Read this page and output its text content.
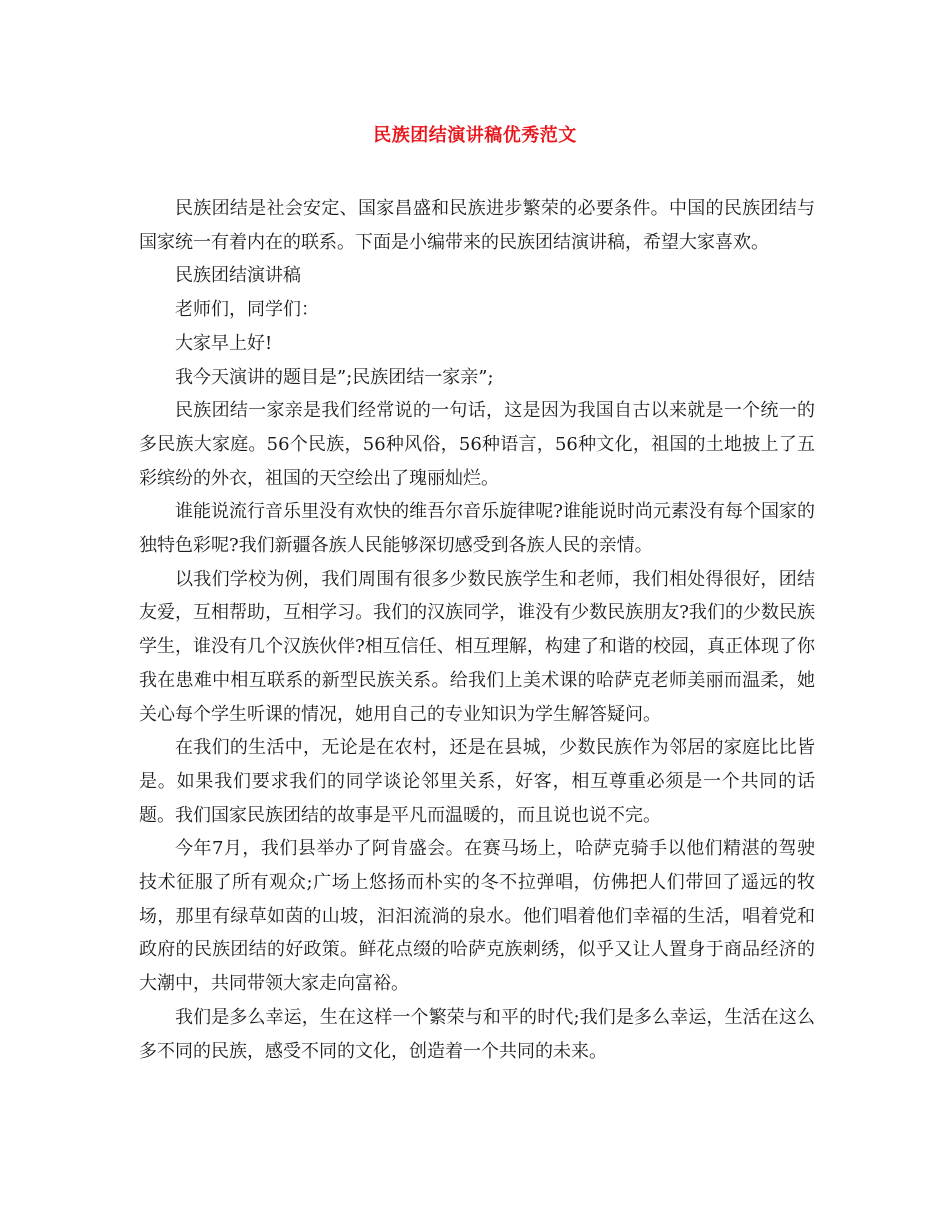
民族团结演讲稿优秀范文

民族团结是社会安定、国家昌盛和民族进步繁荣的必要条件。中国的民族团结与国家统一有着内在的联系。下面是小编带来的民族团结演讲稿，希望大家喜欢。

民族团结演讲稿

老师们，同学们：

大家早上好!

我今天演讲的题目是”;民族团结一家亲”;

民族团结一家亲是我们经常说的一句话，这是因为我国自古以来就是一个统一的多民族大家庭。56个民族，56种风俗，56种语言，56种文化，祖国的土地披上了五彩缤纷的外衣，祖国的天空绘出了瑰丽灿烂。

谁能说流行音乐里没有欢快的维吾尔音乐旋律呢?谁能说时尚元素没有每个国家的独特色彩呢?我们新疆各族人民能够深切感受到各族人民的亲情。

以我们学校为例，我们周围有很多少数民族学生和老师，我们相处得很好，团结友爱，互相帮助，互相学习。我们的汉族同学，谁没有少数民族朋友?我们的少数民族学生，谁没有几个汉族伙伴?相互信任、相互理解，构建了和谐的校园，真正体现了你我在患难中相互联系的新型民族关系。给我们上美术课的哈萨克老师美丽而温柔，她关心每个学生听课的情况，她用自己的专业知识为学生解答疑问。

在我们的生活中，无论是在农村，还是在县城，少数民族作为邻居的家庭比比皆是。如果我们要求我们的同学谈论邻里关系，好客，相互尊重必须是一个共同的话题。我们国家民族团结的故事是平凡而温暖的，而且说也说不完。

今年7月，我们县举办了阿肯盛会。在赛马场上，哈萨克骑手以他们精湛的驾驶技术征服了所有观众;广场上悠扬而朴实的冬不拉弹唱，仿佛把人们带回了遥远的牧场，那里有绿草如茵的山坡，汩汩流淌的泉水。他们唱着他们幸福的生活，唱着党和政府的民族团结的好政策。鲜花点缀的哈萨克族刺绣，似乎又让人置身于商品经济的大潮中，共同带领大家走向富裕。

我们是多么幸运，生在这样一个繁荣与和平的时代;我们是多么幸运，生活在这么多不同的民族，感受不同的文化，创造着一个共同的未来。
